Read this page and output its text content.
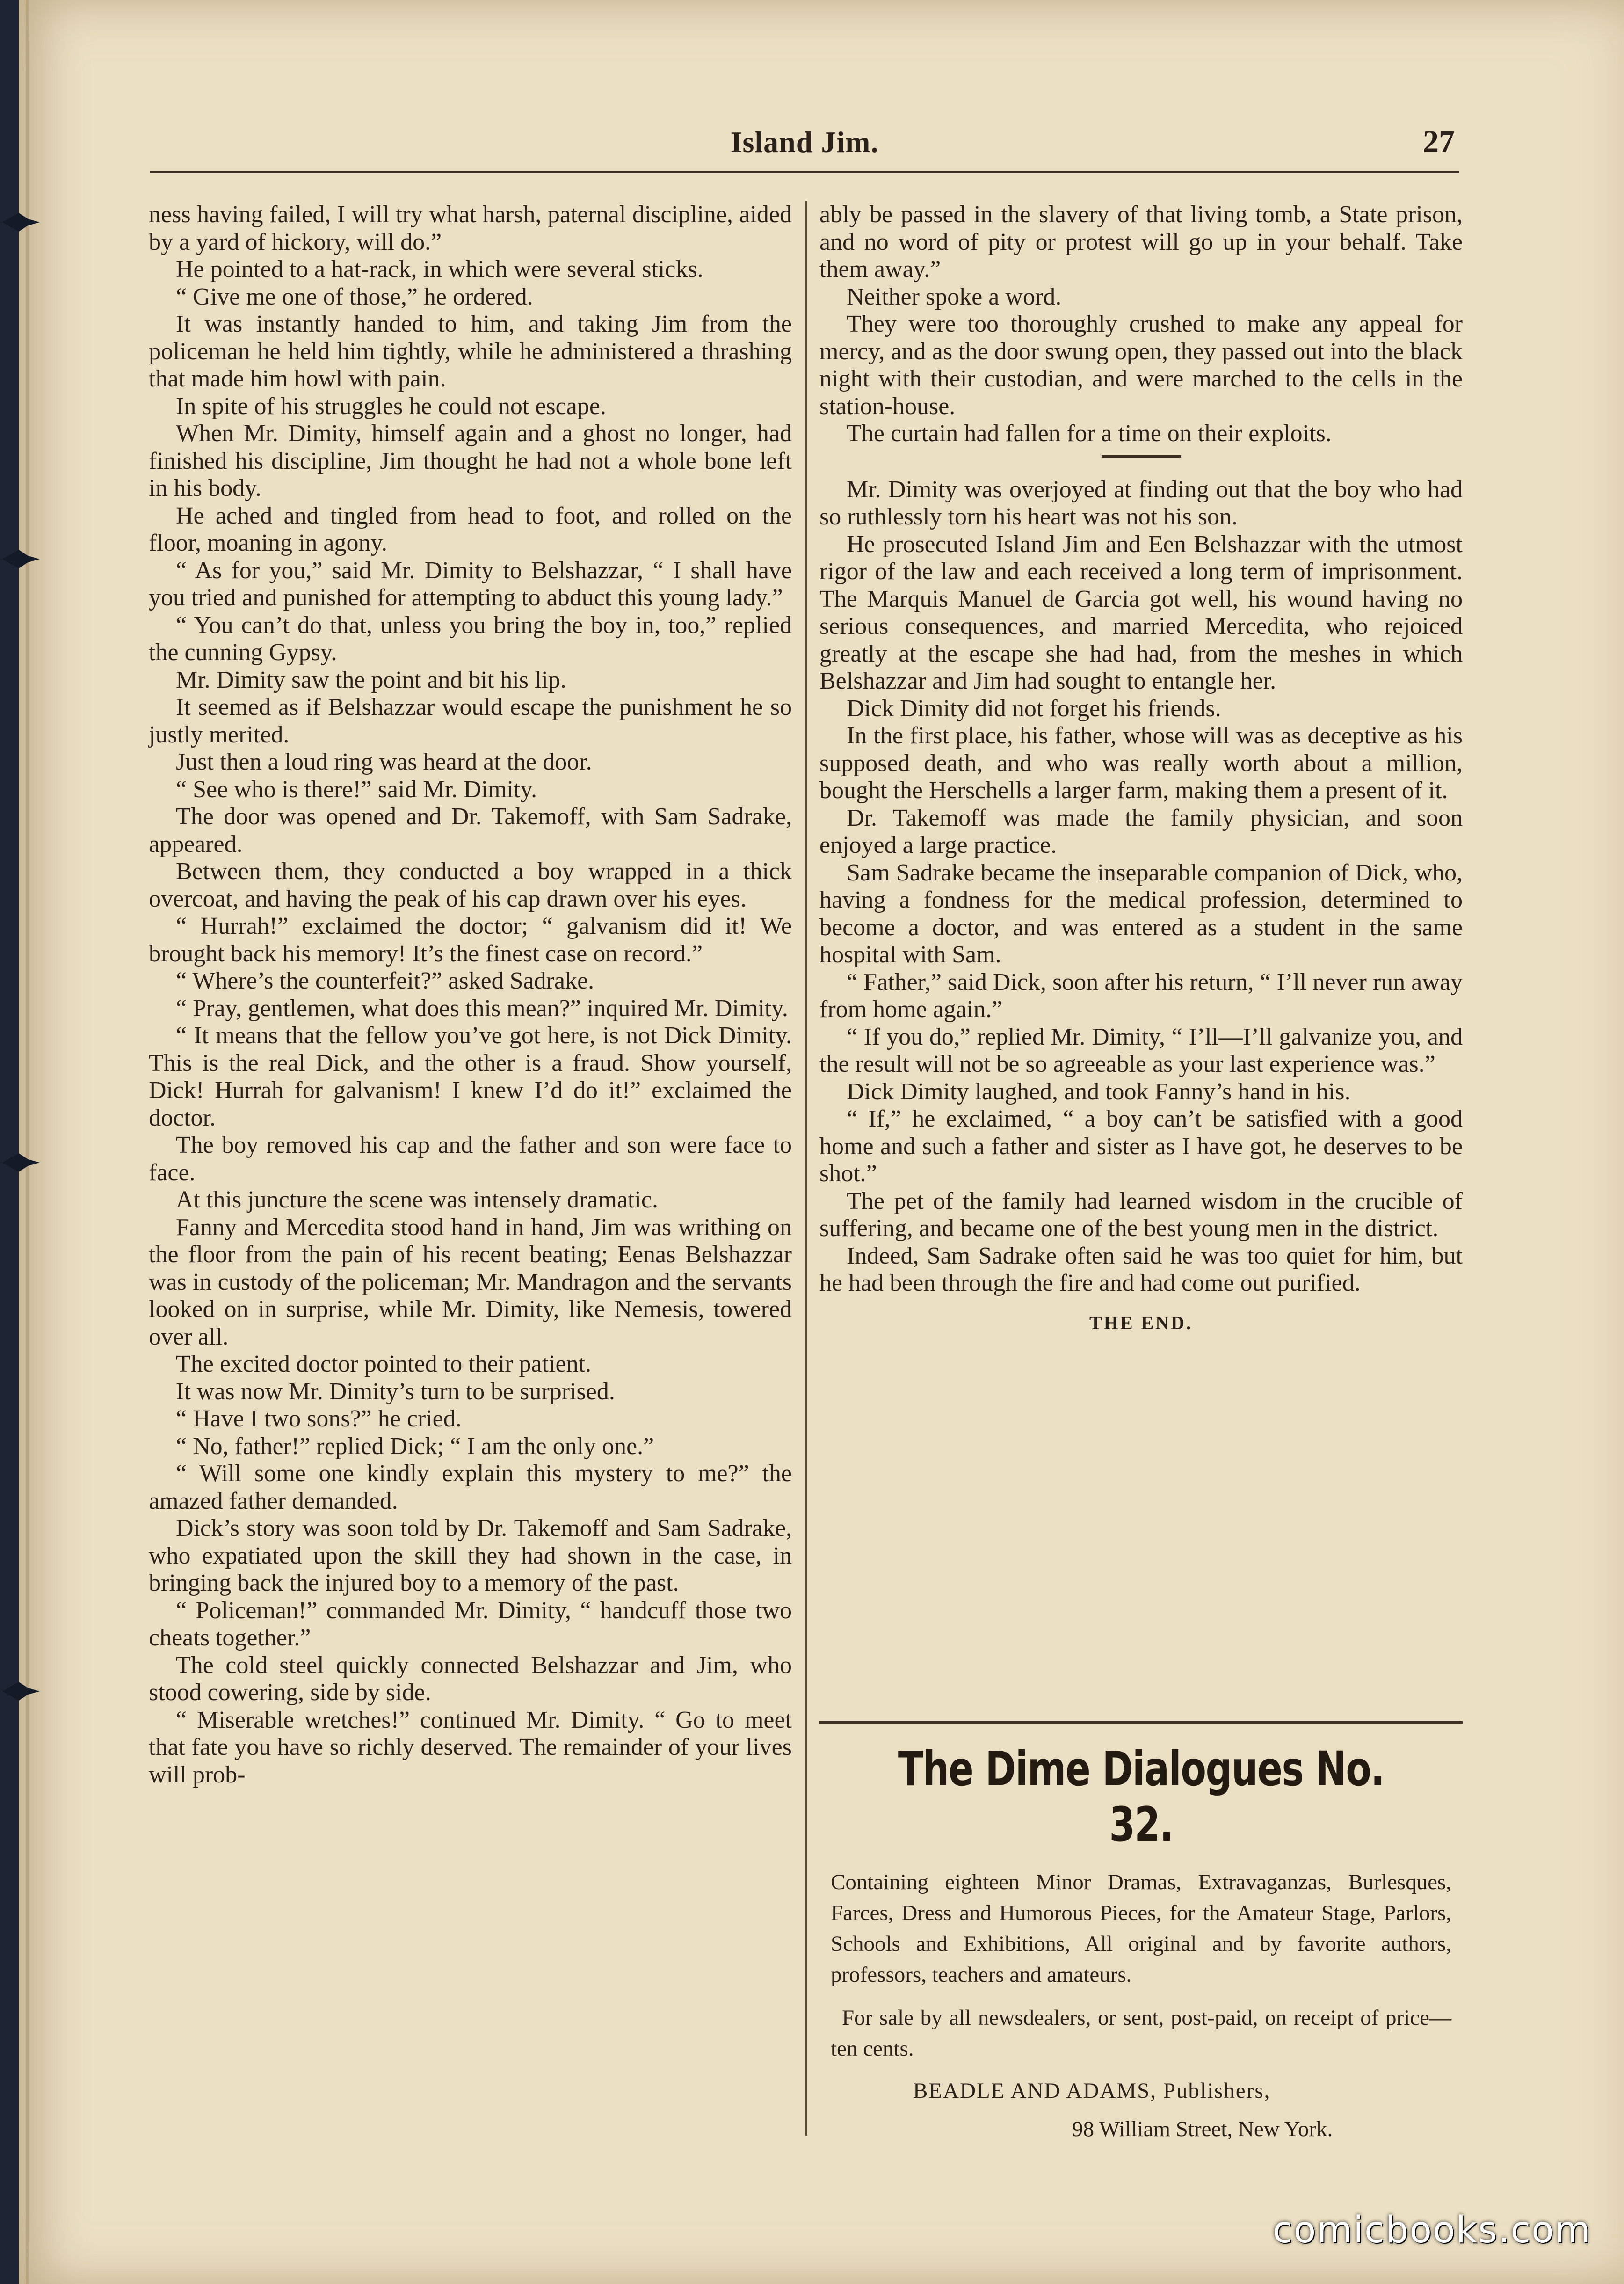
Island Jim.	27

ness having failed, I will try what harsh, paternal discipline, aided by a yard of hickory, will do.”

He pointed to a hat-rack, in which were several sticks.

“ Give me one of those,” he ordered.

It was instantly handed to him, and taking Jim from the policeman he held him tightly, while he administered a thrashing that made him howl with pain.

In spite of his struggles he could not escape.

When Mr. Dimity, himself again and a ghost no longer, had finished his discipline, Jim thought he had not a whole bone left in his body.

He ached and tingled from head to foot, and rolled on the floor, moaning in agony.

“ As for you,” said Mr. Dimity to Belshazzar, “ I shall have you tried and punished for attempting to abduct this young lady.”

“ You can’t do that, unless you bring the boy in, too,” replied the cunning Gypsy.

Mr. Dimity saw the point and bit his lip.

It seemed as if Belshazzar would escape the punishment he so justly merited.

Just then a loud ring was heard at the door.

“ See who is there!” said Mr. Dimity.

The door was opened and Dr. Takemoff, with Sam Sadrake, appeared.

Between them, they conducted a boy wrapped in a thick overcoat, and having the peak of his cap drawn over his eyes.

“ Hurrah!” exclaimed the doctor; “ galvanism did it! We brought back his memory! It’s the finest case on record.”

“ Where’s the counterfeit?” asked Sadrake.

“ Pray, gentlemen, what does this mean?” inquired Mr. Dimity.

“ It means that the fellow you’ve got here, is not Dick Dimity. This is the real Dick, and the other is a fraud. Show yourself, Dick! Hurrah for galvanism! I knew I’d do it!” exclaimed the doctor.

The boy removed his cap and the father and son were face to face.

At this juncture the scene was intensely dramatic.

Fanny and Mercedita stood hand in hand, Jim was writhing on the floor from the pain of his recent beating; Eenas Belshazzar was in custody of the policeman; Mr. Mandragon and the servants looked on in surprise, while Mr. Dimity, like Nemesis, towered over all.

The excited doctor pointed to their patient.

It was now Mr. Dimity’s turn to be surprised.

“ Have I two sons?” he cried.

“ No, father!” replied Dick; “ I am the only one.”

“ Will some one kindly explain this mystery to me?” the amazed father demanded.

Dick’s story was soon told by Dr. Takemoff and Sam Sadrake, who expatiated upon the skill they had shown in the case, in bringing back the injured boy to a memory of the past.

“ Policeman!” commanded Mr. Dimity, “ handcuff those two cheats together.”

The cold steel quickly connected Belshazzar and Jim, who stood cowering, side by side.

“ Miserable wretches!” continued Mr. Dimity. “ Go to meet that fate you have so richly deserved. The remainder of your lives will prob-

ably be passed in the slavery of that living tomb, a State prison, and no word of pity or protest will go up in your behalf. Take them away.”

Neither spoke a word.

They were too thoroughly crushed to make any appeal for mercy, and as the door swung open, they passed out into the black night with their custodian, and were marched to the cells in the station-house.

The curtain had fallen for a time on their exploits.

Mr. Dimity was overjoyed at finding out that the boy who had so ruthlessly torn his heart was not his son.

He prosecuted Island Jim and Een Belshazzar with the utmost rigor of the law and each received a long term of imprisonment. The Marquis Manuel de Garcia got well, his wound having no serious consequences, and married Mercedita, who rejoiced greatly at the escape she had had, from the meshes in which Belshazzar and Jim had sought to entangle her.

Dick Dimity did not forget his friends.

In the first place, his father, whose will was as deceptive as his supposed death, and who was really worth about a million, bought the Herschells a larger farm, making them a present of it.

Dr. Takemoff was made the family physician, and soon enjoyed a large practice.

Sam Sadrake became the inseparable companion of Dick, who, having a fondness for the medical profession, determined to become a doctor, and was entered as a student in the same hospital with Sam.

“ Father,” said Dick, soon after his return, “ I’ll never run away from home again.”

“ If you do,” replied Mr. Dimity, “ I’ll—I’ll galvanize you, and the result will not be so agreeable as your last experience was.”

Dick Dimity laughed, and took Fanny’s hand in his.

“ If,” he exclaimed, “ a boy can’t be satisfied with a good home and such a father and sister as I have got, he deserves to be shot.”

The pet of the family had learned wisdom in the crucible of suffering, and became one of the best young men in the district.

Indeed, Sam Sadrake often said he was too quiet for him, but he had been through the fire and had come out purified.

THE END.
The Dime Dialogues No. 32.

Containing eighteen Minor Dramas, Extravaganzas, Burlesques, Farces, Dress and Humorous Pieces, for the Amateur Stage, Parlors, Schools and Exhibitions, All original and by favorite authors, professors, teachers and amateurs.

For sale by all newsdealers, or sent, post-paid, on receipt of price—ten cents.

BEADLE AND ADAMS, Publishers,
98 William Street, New York.
comicbooks.com
